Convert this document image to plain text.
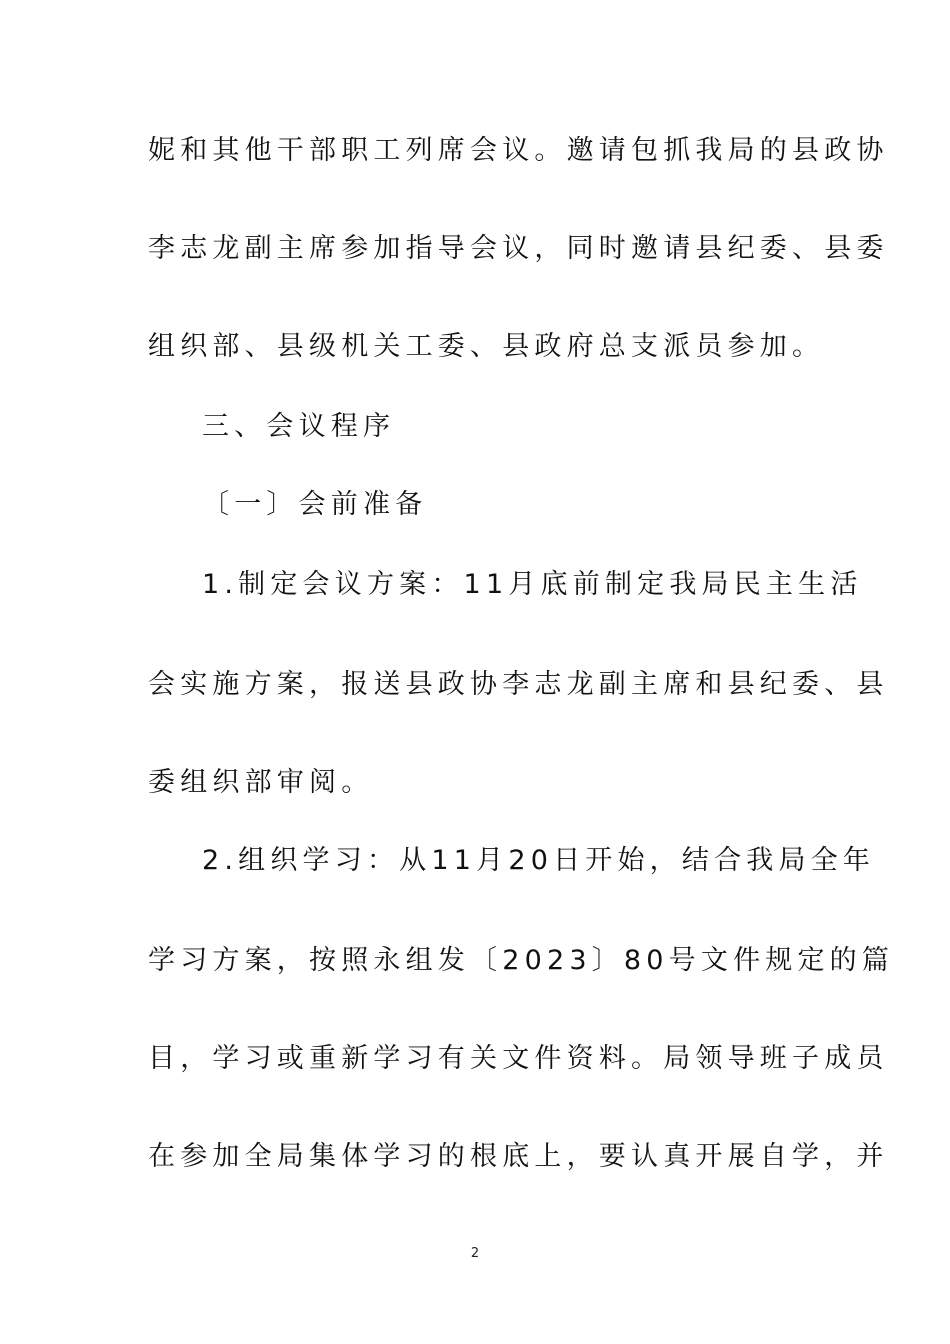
妮和其他干部职工列席会议。邀请包抓我局的县政协
李志龙副主席参加指导会议，同时邀请县纪委、县委
组织部、县级机关工委、县政府总支派员参加。
三、会议程序
〔一〕会前准备
1.制定会议方案：11月底前制定我局民主生活
会实施方案，报送县政协李志龙副主席和县纪委、县
委组织部审阅。
2.组织学习：从11月20日开始，结合我局全年
学习方案，按照永组发〔2023〕80号文件规定的篇
目，学习或重新学习有关文件资料。局领导班子成员
在参加全局集体学习的根底上，要认真开展自学，并
2
